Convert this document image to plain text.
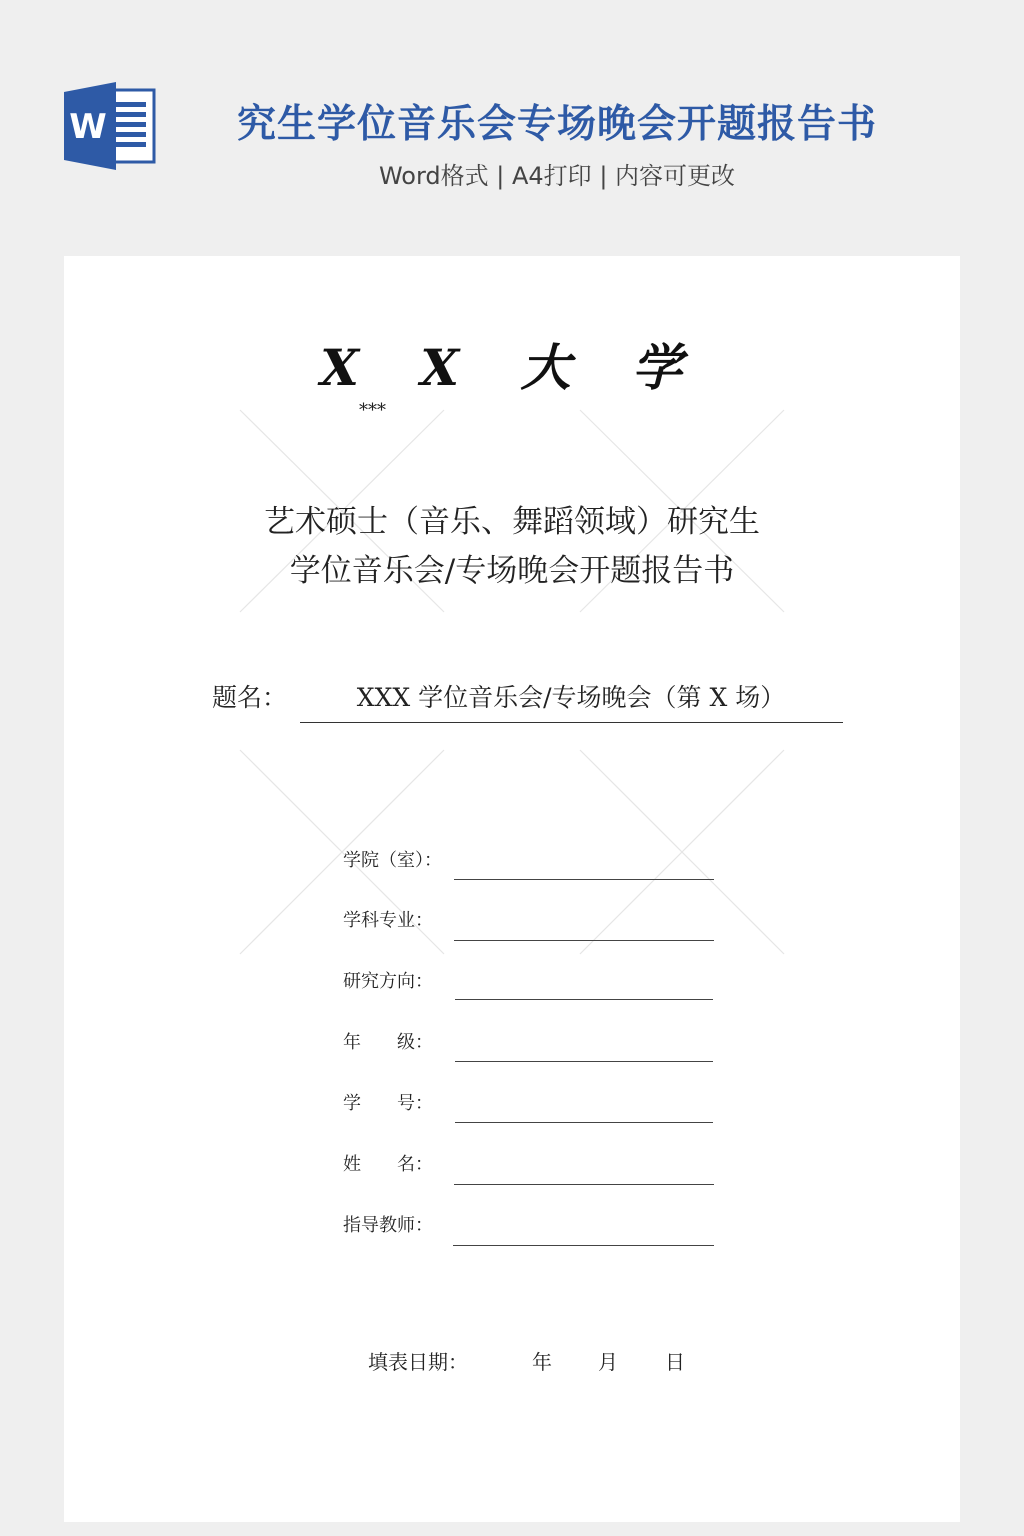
W	究生学位音乐会专场晚会开题报告书
Word格式 | A4打印 | 内容可更改
X X 大 学
***
艺术硕士（音乐、舞蹈领域）研究生
学位音乐会/专场晚会开题报告书
题名：	XXX 学位音乐会/专场晚会（第 X 场）
学院（室）：
学科专业：
研究方向：
年　　级：
学　　号：
姓　　名：
指导教师：
填表日期：	年 月 日
